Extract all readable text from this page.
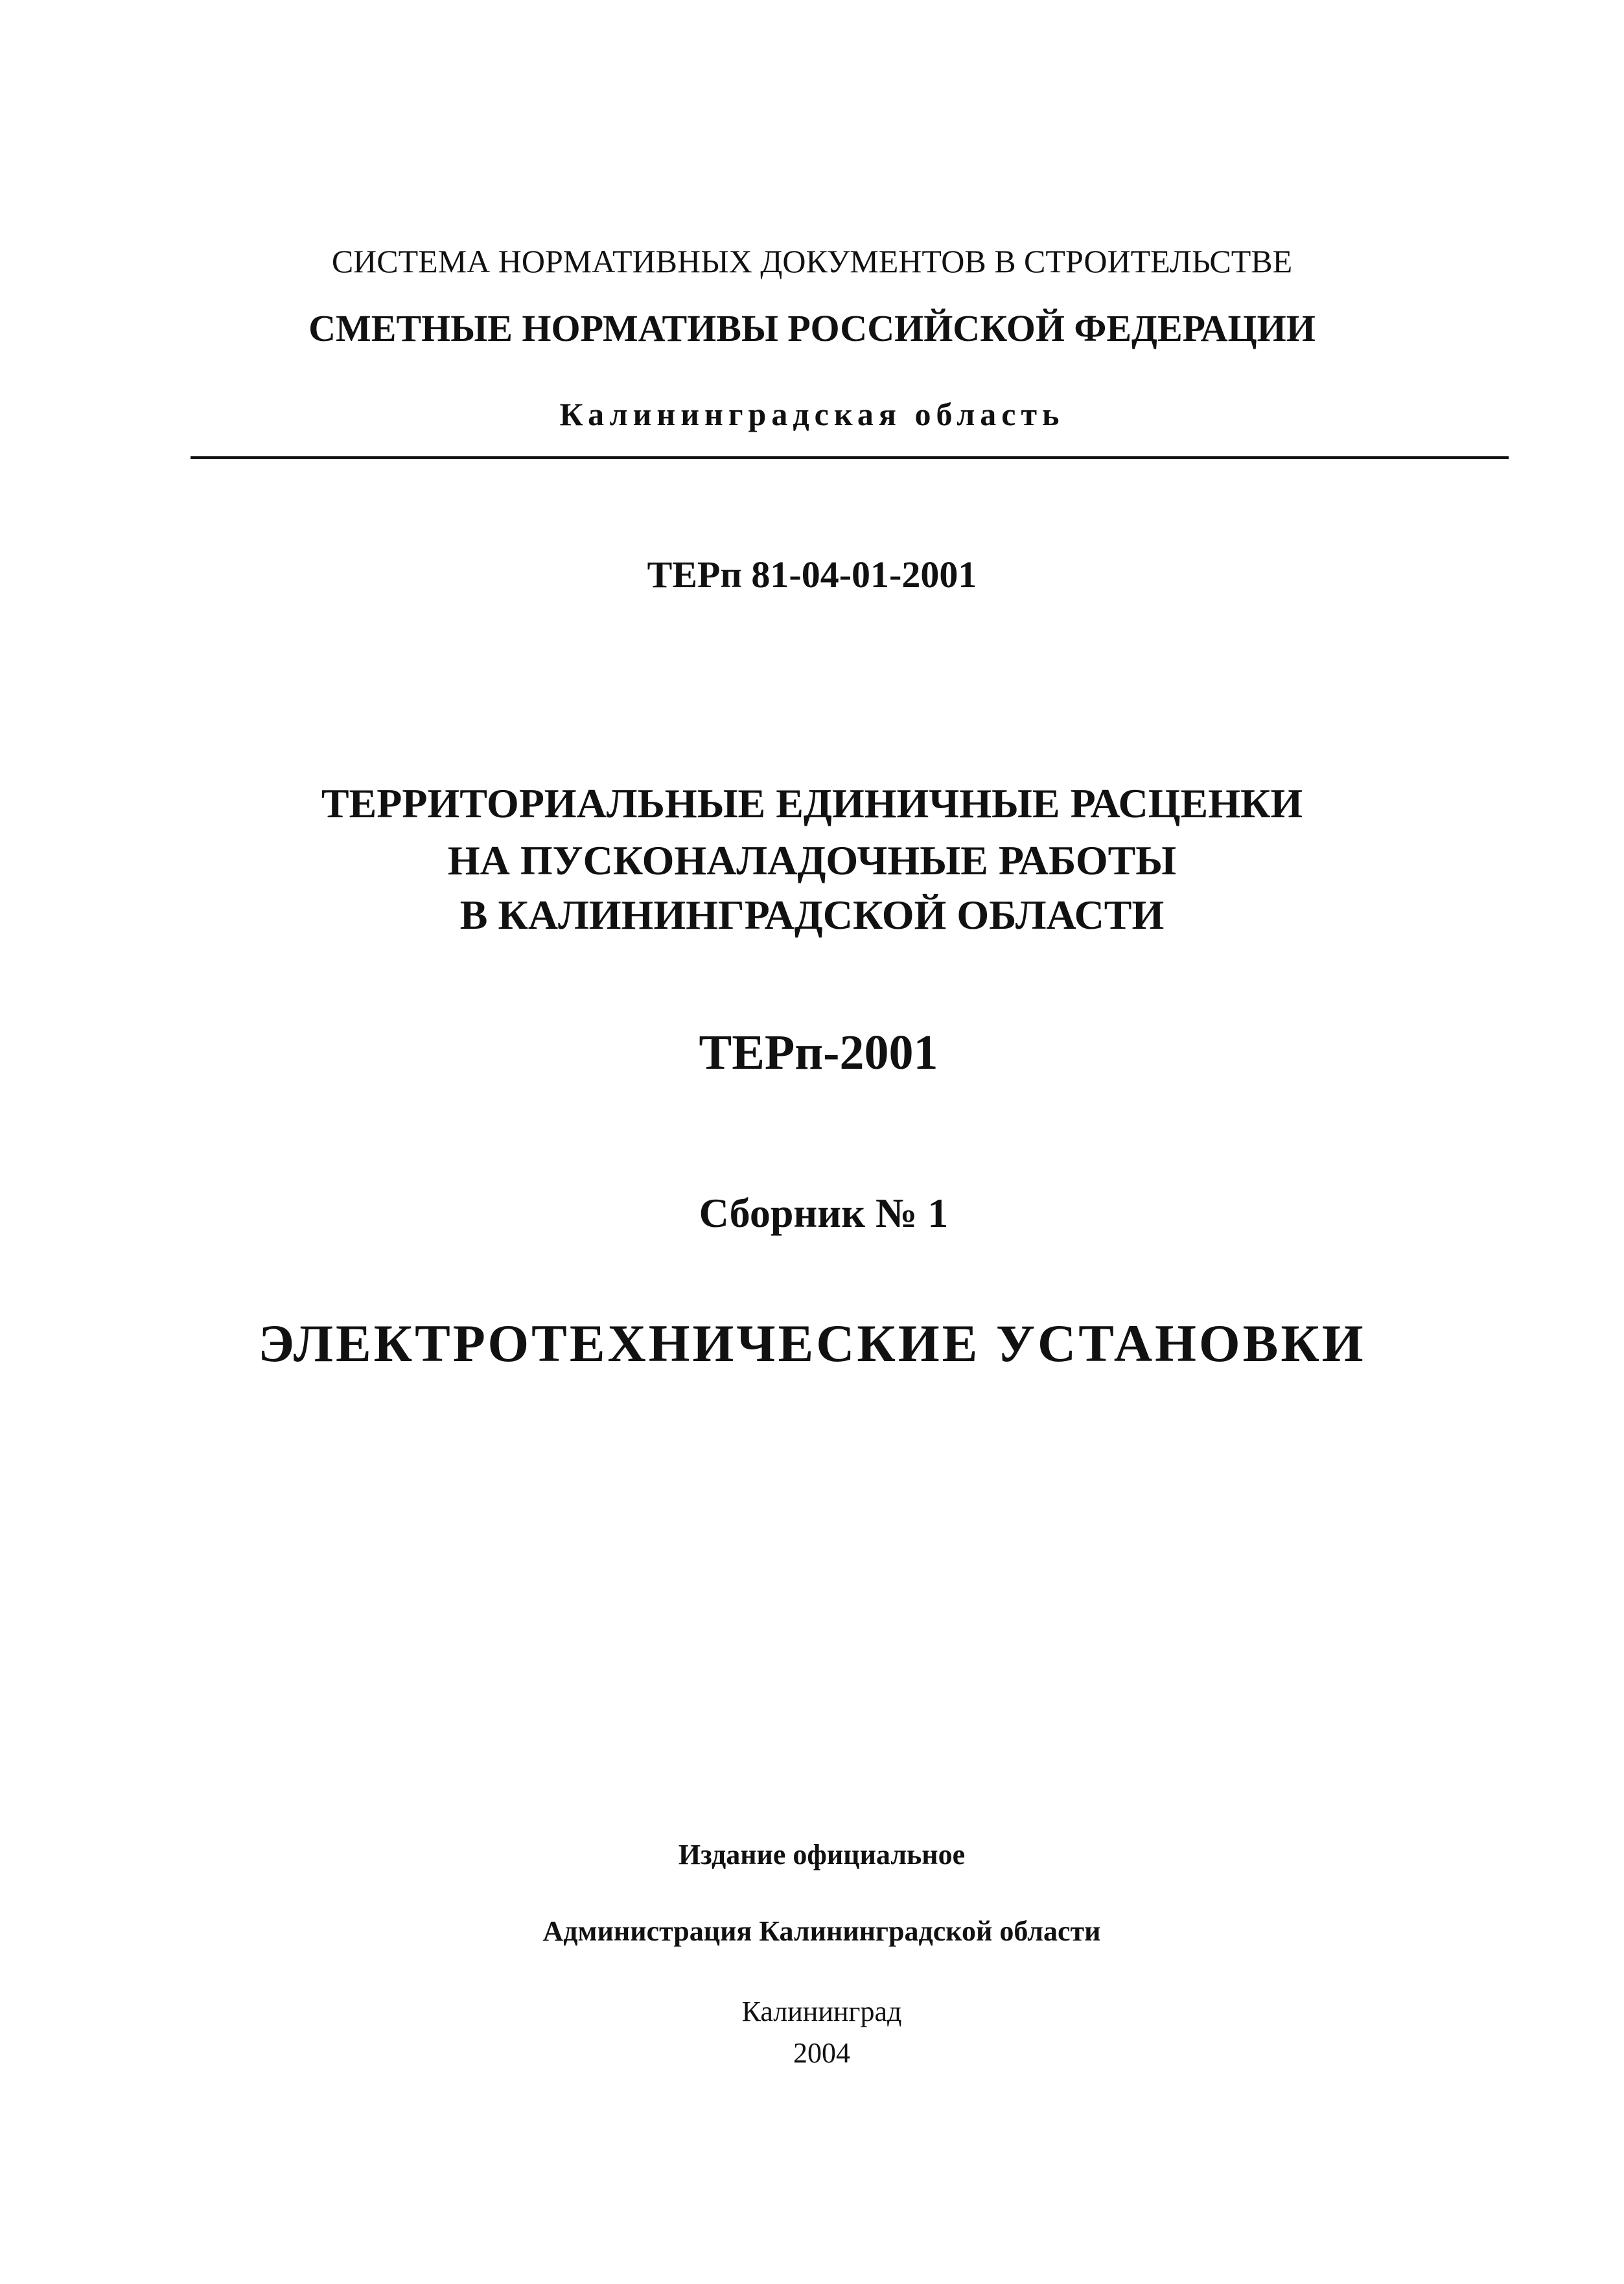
СИСТЕМА НОРМАТИВНЫХ ДОКУМЕНТОВ В СТРОИТЕЛЬСТВЕ
СМЕТНЫЕ НОРМАТИВЫ РОССИЙСКОЙ ФЕДЕРАЦИИ
Калининградская область
ТЕРп 81-04-01-2001
ТЕРРИТОРИАЛЬНЫЕ ЕДИНИЧНЫЕ РАСЦЕНКИ
НА ПУСКОНАЛАДОЧНЫЕ РАБОТЫ
В КАЛИНИНГРАДСКОЙ ОБЛАСТИ
ТЕРп-2001
Сборник № 1
ЭЛЕКТРОТЕХНИЧЕСКИЕ УСТАНОВКИ
Издание официальное
Администрация Калининградской области
Калининград
2004
